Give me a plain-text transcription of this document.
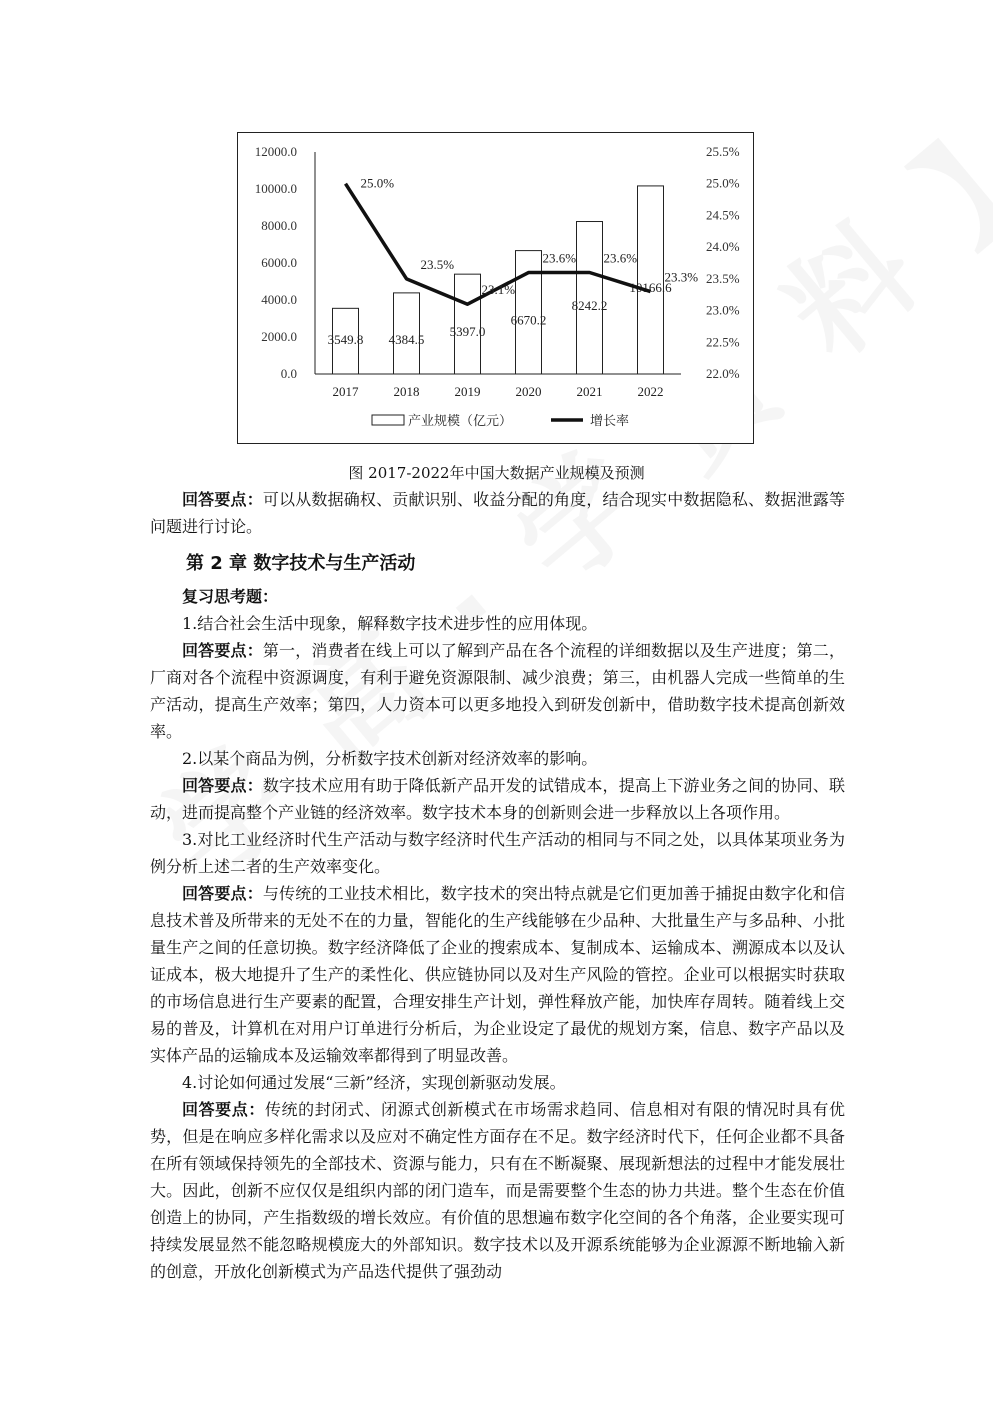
0.0
2000.0
4000.0
6000.0
8000.0
10000.0
12000.0
22.0%
22.5%
23.0%
23.5%
24.0%
24.5%
25.0%
25.5%
3549.8 4384.5
5397.0
6670.2
8242.2
10166.6
2017	2018	2019	2020	2021	2022
25.0%
23.5%
23.1%
23.6% 23.6%
23.3%
产业规模（亿元）	增长率
图 2017-2022年中国大数据产业规模及预测

回答要点：可以从数据确权、贡献识别、收益分配的角度，结合现实中数据隐私、数据泄露等问题进行讨论。

第 2 章 数字技术与生产活动

复习思考题：

1.结合社会生活中现象，解释数字技术进步性的应用体现。

回答要点：第一，消费者在线上可以了解到产品在各个流程的详细数据以及生产进度；第二，厂商对各个流程中资源调度，有利于避免资源限制、减少浪费；第三，由机器人完成一些简单的生产活动，提高生产效率；第四，人力资本可以更多地投入到研发创新中，借助数字技术提高创新效率。

2.以某个商品为例，分析数字技术创新对经济效率的影响。

回答要点：数字技术应用有助于降低新产品开发的试错成本，提高上下游业务之间的协同、联动，进而提高整个产业链的经济效率。数字技术本身的创新则会进一步释放以上各项作用。

3.对比工业经济时代生产活动与数字经济时代生产活动的相同与不同之处，以具体某项业务为例分析上述二者的生产效率变化。

回答要点：与传统的工业技术相比，数字技术的突出特点就是它们更加善于捕捉由数字化和信息技术普及所带来的无处不在的力量，智能化的生产线能够在少品种、大批量生产与多品种、小批量生产之间的任意切换。数字经济降低了企业的搜索成本、复制成本、运输成本、溯源成本以及认证成本，极大地提升了生产的柔性化、供应链协同以及对生产风险的管控。企业可以根据实时获取的市场信息进行生产要素的配置，合理安排生产计划，弹性释放产能，加快库存周转。随着线上交易的普及，计算机在对用户订单进行分析后，为企业设定了最优的规划方案，信息、数字产品以及实体产品的运输成本及运输效率都得到了明显改善。

4.讨论如何通过发展“三新”经济，实现创新驱动发展。

回答要点：传统的封闭式、闭源式创新模式在市场需求趋同、信息相对有限的情况时具有优势，但是在响应多样化需求以及应对不确定性方面存在不足。数字经济时代下，任何企业都不具备在所有领域保持领先的全部技术、资源与能力，只有在不断凝聚、展现新想法的过程中才能发展壮大。因此，创新不应仅仅是组织内部的闭门造车，而是需要整个生态的协力共进。整个生态在价值创造上的协同，产生指数级的增长效应。有价值的思想遍布数字化空间的各个角落，企业要实现可持续发展显然不能忽略规模庞大的外部知识。数字技术以及开源系统能够为企业源源不断地输入新的创意，开放化创新模式为产品迭代提供了强劲动
